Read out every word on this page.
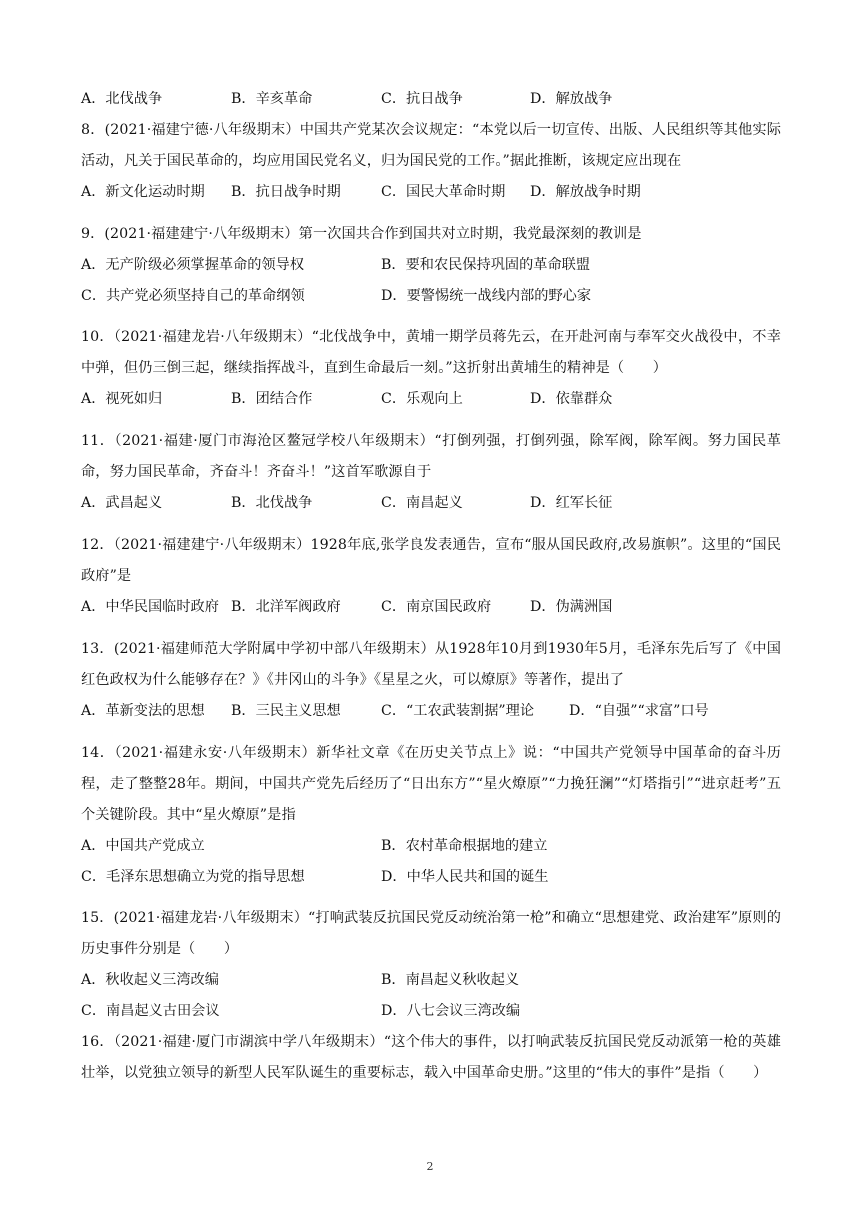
A．北伐战争	B．辛亥革命	C．抗日战争	D．解放战争

8．(2021·福建宁德·八年级期末）中国共产党某次会议规定：“本党以后一切宣传、出版、人民组织等其他实际活动，凡关于国民革命的，均应用国民党名义，归为国民党的工作。”据此推断，该规定应出现在

A．新文化运动时期 B．抗日战争时期	C．国民大革命时期 D．解放战争时期

9．(2021·福建建宁·八年级期末）第一次国共合作到国共对立时期，我党最深刻的教训是

A．无产阶级必须掌握革命的领导权	B．要和农民保持巩固的革命联盟
C．共产党必须坚持自己的革命纲领	D．要警惕统一战线内部的野心家

10．（2021·福建龙岩·八年级期末）“北伐战争中，黄埔一期学员蒋先云，在开赴河南与奉军交火战役中，不幸中弹，但仍三倒三起，继续指挥战斗，直到生命最后一刻。”这折射出黄埔生的精神是（　　）

A．视死如归	B．团结合作	C．乐观向上	D．依靠群众

11．（2021·福建·厦门市海沧区鳌冠学校八年级期末）“打倒列强，打倒列强，除军阀，除军阀。努力国民革命，努力国民革命，齐奋斗！齐奋斗！”这首军歌源自于

A．武昌起义	B．北伐战争	C．南昌起义	D．红军长征

12．（2021·福建建宁·八年级期末）1928年底,张学良发表通告，宣布“服从国民政府,改易旗帜”。这里的“国民政府”是

A．中华民国临时政府 B．北洋军阀政府	C．南京国民政府	D．伪满洲国

13．(2021·福建师范大学附属中学初中部八年级期末）从1928年10月到1930年5月，毛泽东先后写了《中国红色政权为什么能够存在？》《井冈山的斗争》《星星之火，可以燎原》等著作，提出了

A．革新变法的思想 B．三民主义思想	C．“工农武装割据”理论 D．“自强”“求富”口号

14．（2021·福建永安·八年级期末）新华社文章《在历史关节点上》说：“中国共产党领导中国革命的奋斗历程，走了整整28年。期间，中国共产党先后经历了“日出东方”“星火燎原”“力挽狂澜”“灯塔指引”“进京赶考”五个关键阶段。其中“星火燎原”是指

A．中国共产党成立	B．农村革命根据地的建立
C．毛泽东思想确立为党的指导思想	D．中华人民共和国的诞生

15．(2021·福建龙岩·八年级期末）“打响武装反抗国民党反动统治第一枪”和确立“思想建党、政治建军”原则的历史事件分别是（　　）

A．秋收起义三湾改编	B．南昌起义秋收起义
C．南昌起义古田会议	D．八七会议三湾改编

16．（2021·福建·厦门市湖滨中学八年级期末）“这个伟大的事件，以打响武装反抗国民党反动派第一枪的英雄壮举，以党独立领导的新型人民军队诞生的重要标志，载入中国革命史册。”这里的“伟大的事件”是指（　　）

2
